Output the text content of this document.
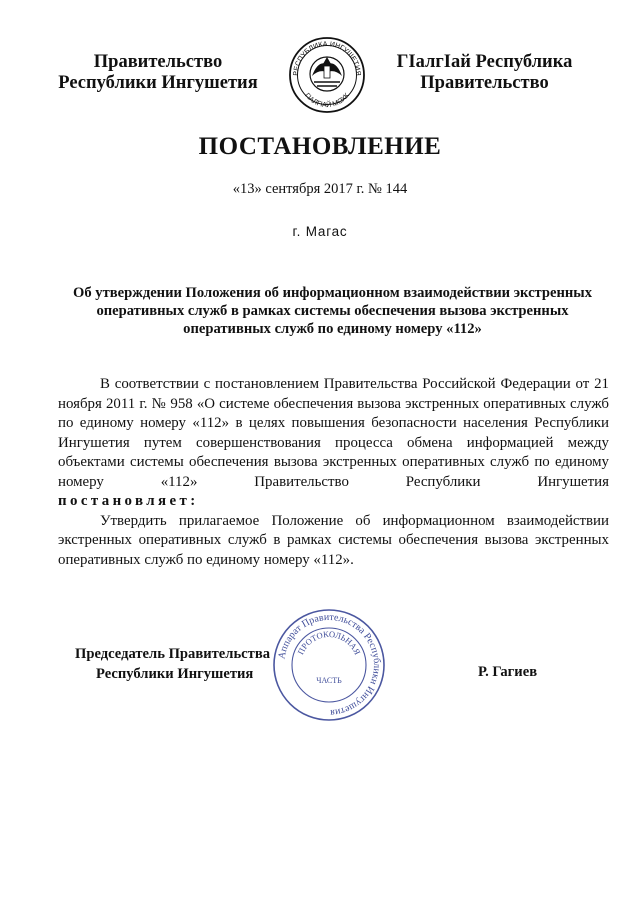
Правительство
Республики Ингушетия	РЕСПУБЛИКА ИНГУШЕТИЯ
ГIАЛГIАЙ МОХК
ГIалгIай Республика
Правительство
ПОСТАНОВЛЕНИЕ
«13» сентября 2017 г. № 144
г. Магас
Об утверждении Положения об информационном взаимодействии экстренных оперативных служб в рамках системы обеспечения вызова экстренных оперативных служб по единому номеру «112»

В соответствии с постановлением Правительства Российской Федерации от 21 ноября 2011 г. № 958 «О системе обеспечения вызова экстренных оперативных служб по единому номеру «112» в целях повышения безопасности населения Республики Ингушетия путем совершенствования процесса обмена информацией между объектами системы обеспечения вызова экстренных оперативных служб по единому номеру «112» Правительство Республики Ингушетия

постановляет:

Утвердить прилагаемое Положение об информационном взаимодействии экстренных оперативных служб в рамках системы обеспечения вызова экстренных оперативных служб по единому номеру «112».

Председатель Правительства
Республики Ингушетия
Аппарат Правительства Республики Ингушетия
ПРОТОКОЛЬНАЯ
ЧАСТЬ
Р. Гагиев
